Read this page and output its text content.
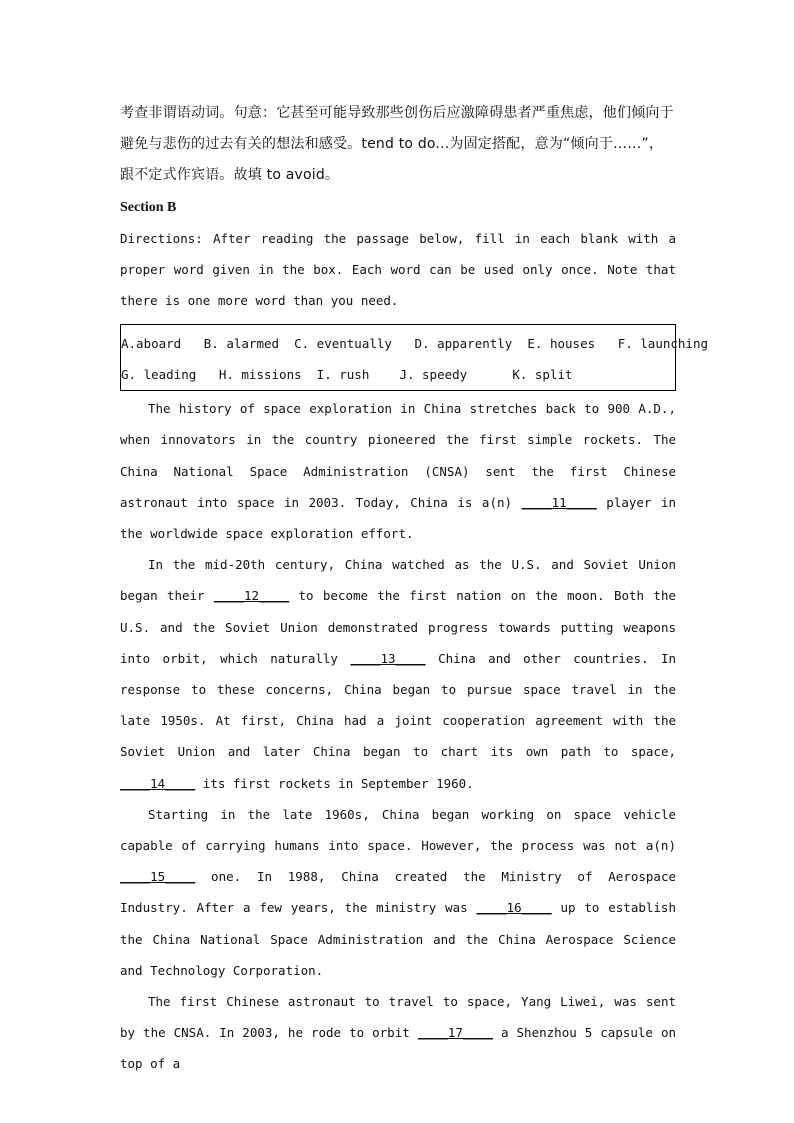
考查非谓语动词。句意：它甚至可能导致那些创伤后应激障碍患者严重焦虑，他们倾向于

避免与悲伤的过去有关的想法和感受。tend to do...为固定搭配，意为“倾向于……”，

跟不定式作宾语。故填 to avoid。

Section B

Directions: After reading the passage below, fill in each blank with a proper word given in the box. Each word can be used only once. Note that there is one more word than you need.

A.aboard   B. alarmed  C. eventually   D. apparently  E. houses   F. launching
G. leading   H. missions  I. rush    J. speedy      K. split

The history of space exploration in China stretches back to 900 A.D., when innovators in the country pioneered the first simple rockets. The China National Space Administration (CNSA) sent the first Chinese astronaut into space in 2003. Today, China is a(n) ____11____ player in the worldwide space exploration effort.

In the mid-20th century, China watched as the U.S. and Soviet Union began their ____12____ to become the first nation on the moon. Both the U.S. and the Soviet Union demonstrated progress towards putting weapons into orbit, which naturally ____13____ China and other countries. In response to these concerns, China began to pursue space travel in the late 1950s. At first, China had a joint cooperation agreement with the Soviet Union and later China began to chart its own path to space, ____14____ its first rockets in September 1960.

Starting in the late 1960s, China began working on space vehicle capable of carrying humans into space. However, the process was not a(n) ____15____ one. In 1988, China created the Ministry of Aerospace Industry. After a few years, the ministry was ____16____ up to establish the China National Space Administration and the China Aerospace Science and Technology Corporation.

The first Chinese astronaut to travel to space, Yang Liwei, was sent by the CNSA. In 2003, he rode to orbit ____17____ a Shenzhou 5 capsule on top of a
